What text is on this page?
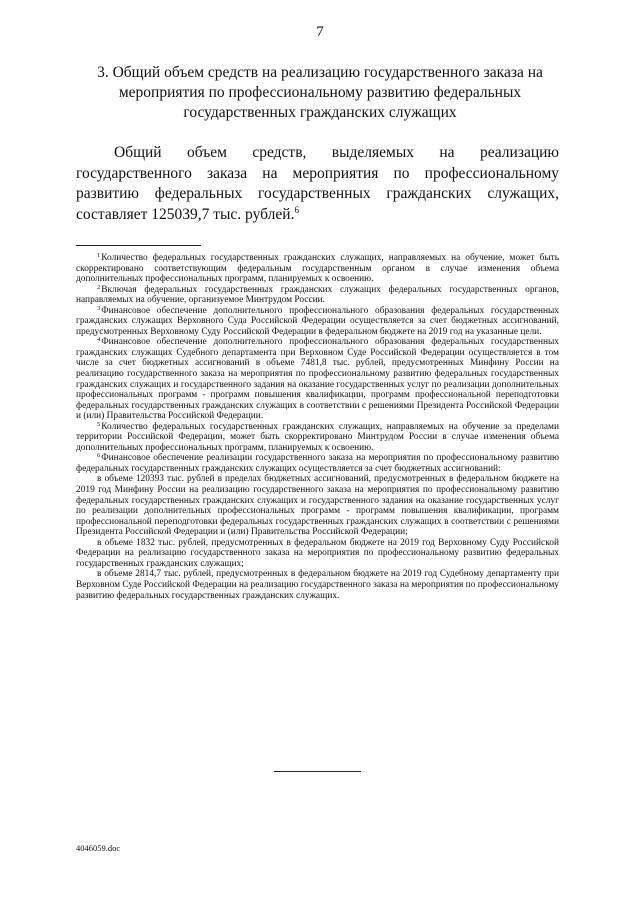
7
3. Общий объем средств на реализацию государственного заказа на мероприятия по профессиональному развитию федеральных государственных гражданских служащих
Общий объем средств, выделяемых на реализацию государственного заказа на мероприятия по профессиональному развитию федеральных государственных гражданских служащих, составляет 125039,7 тыс. рублей.$^6$

$^1$Количество федеральных государственных гражданских служащих, направляемых на обучение, может быть скорректировано соответствующим федеральным государственным органом в случае изменения объема дополнительных профессиональных программ, планируемых к освоению.

$^2$Включая федеральных государственных гражданских служащих федеральных государственных органов, направляемых на обучение, организуемое Минтрудом России.

$^3$Финансовое обеспечение дополнительного профессионального образования федеральных государственных гражданских служащих Верховного Суда Российской Федерации осуществляется за счет бюджетных ассигнований, предусмотренных Верховному Суду Российской Федерации в федеральном бюджете на 2019 год на указанные цели.

$^4$Финансовое обеспечение дополнительного профессионального образования федеральных государственных гражданских служащих Судебного департамента при Верховном Суде Российской Федерации осуществляется в том числе за счет бюджетных ассигнований в объеме 7481,8 тыс. рублей, предусмотренных Минфину России на реализацию государственного заказа на мероприятия по профессиональному развитию федеральных государственных гражданских служащих и государственного задания на оказание государственных услуг по реализации дополнительных профессиональных программ - программ повышения квалификации, программ профессиональной переподготовки федеральных государственных гражданских служащих в соответствии с решениями Президента Российской Федерации и (или) Правительства Российской Федерации.

$^5$Количество федеральных государственных гражданских служащих, направляемых на обучение за пределами территории Российской Федерации, может быть скорректировано Минтрудом России в случае изменения объема дополнительных профессиональных программ, планируемых к освоению.

$^6$Финансовое обеспечение реализации государственного заказа на мероприятия по профессиональному развитию федеральных государственных гражданских служащих осуществляется за счет бюджетных ассигнований:

в объеме 120393 тыс. рублей в пределах бюджетных ассигнований, предусмотренных в федеральном бюджете на 2019 год Минфину России на реализацию государственного заказа на мероприятия по профессиональному развитию федеральных государственных гражданских служащих и государственного задания на оказание государственных услуг по реализации дополнительных профессиональных программ - программ повышения квалификации, программ профессиональной переподготовки федеральных государственных гражданских служащих в соответствии с решениями Президента Российской Федерации и (или) Правительства Российской Федерации;

в объеме 1832 тыс. рублей, предусмотренных в федеральном бюджете на 2019 год Верховному Суду Российской Федерации на реализацию государственного заказа на мероприятия по профессиональному развитию федеральных государственных гражданских служащих;

в объеме 2814,7 тыс. рублей, предусмотренных в федеральном бюджете на 2019 год Судебному департаменту при Верховном Суде Российской Федерации на реализацию государственного заказа на мероприятия по профессиональному развитию федеральных государственных гражданских служащих.

4046059.doc
